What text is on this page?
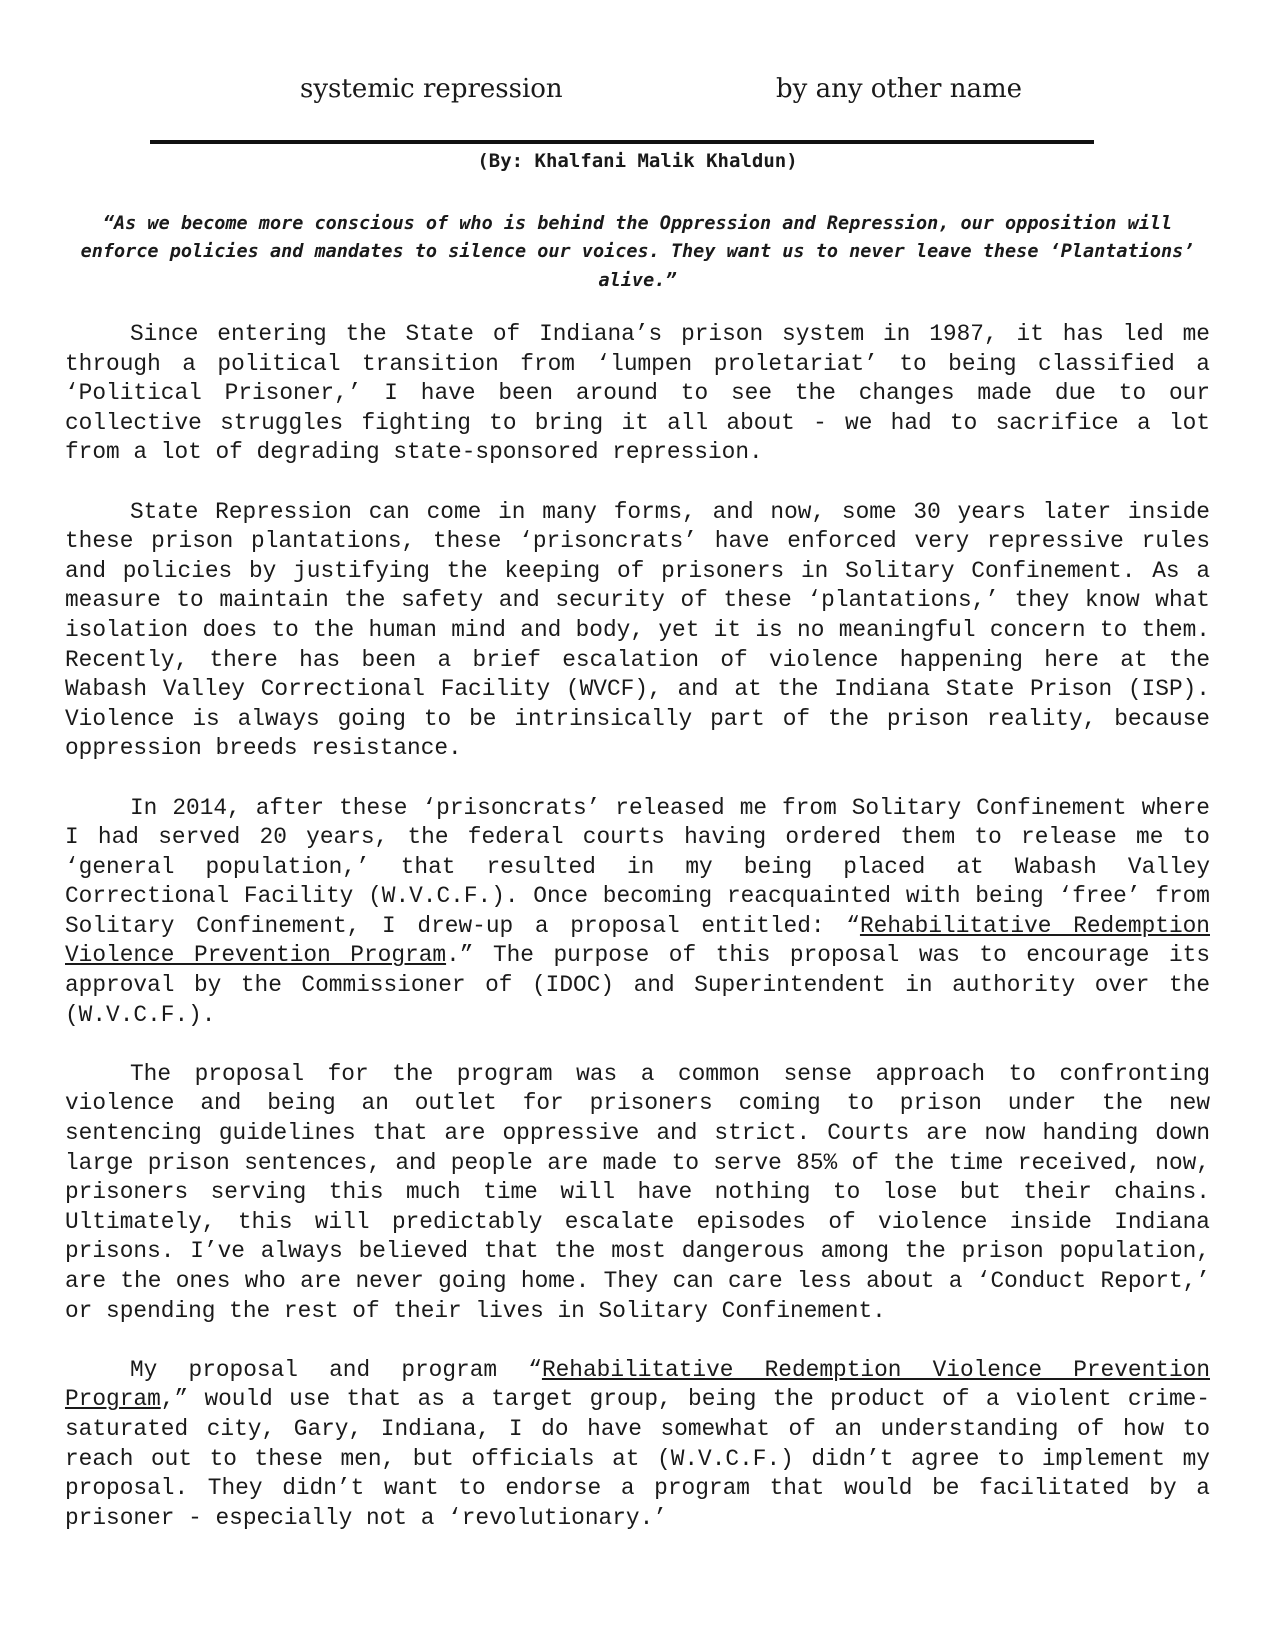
systemic repression	by any other name
(By: Khalfani Malik Khaldun)
“As we become more conscious of who is behind the Oppression and Repression, our opposition will enforce policies and mandates to silence our voices. They want us to never leave these ‘Plantations’ alive.”

Since entering the State of Indiana’s prison system in 1987, it has led me through a political transition from ‘lumpen proletariat’ to being classified a ‘Political Prisoner,’ I have been around to see the changes made due to our collective struggles fighting to bring it all about - we had to sacrifice a lot from a lot of degrading state-sponsored repression.

State Repression can come in many forms, and now, some 30 years later inside these prison plantations, these ‘prisoncrats’ have enforced very repressive rules and policies by justifying the keeping of prisoners in Solitary Confinement. As a measure to maintain the safety and security of these ‘plantations,’ they know what isolation does to the human mind and body, yet it is no meaningful concern to them. Recently, there has been a brief escalation of violence happening here at the Wabash Valley Correctional Facility (WVCF), and at the Indiana State Prison (ISP). Violence is always going to be intrinsically part of the prison reality, because oppression breeds resistance.

In 2014, after these ‘prisoncrats’ released me from Solitary Confinement where I had served 20 years, the federal courts having ordered them to release me to ‘general population,’ that resulted in my being placed at Wabash Valley Correctional Facility (W.V.C.F.). Once becoming reacquainted with being ‘free’ from Solitary Confinement, I drew-up a proposal entitled: “Rehabilitative Redemption Violence Prevention Program.” The purpose of this proposal was to encourage its approval by the Commissioner of (IDOC) and Superintendent in authority over the (W.V.C.F.).

The proposal for the program was a common sense approach to confronting violence and being an outlet for prisoners coming to prison under the new sentencing guidelines that are oppressive and strict. Courts are now handing down large prison sentences, and people are made to serve 85% of the time received, now, prisoners serving this much time will have nothing to lose but their chains. Ultimately, this will predictably escalate episodes of violence inside Indiana prisons. I’ve always believed that the most dangerous among the prison population, are the ones who are never going home. They can care less about a ‘Conduct Report,’ or spending the rest of their lives in Solitary Confinement.

My proposal and program “Rehabilitative Redemption Violence Prevention Program,” would use that as a target group, being the product of a violent crime-saturated city, Gary, Indiana, I do have somewhat of an understanding of how to reach out to these men, but officials at (W.V.C.F.) didn’t agree to implement my proposal. They didn’t want to endorse a program that would be facilitated by a prisoner - especially not a ‘revolutionary.’
